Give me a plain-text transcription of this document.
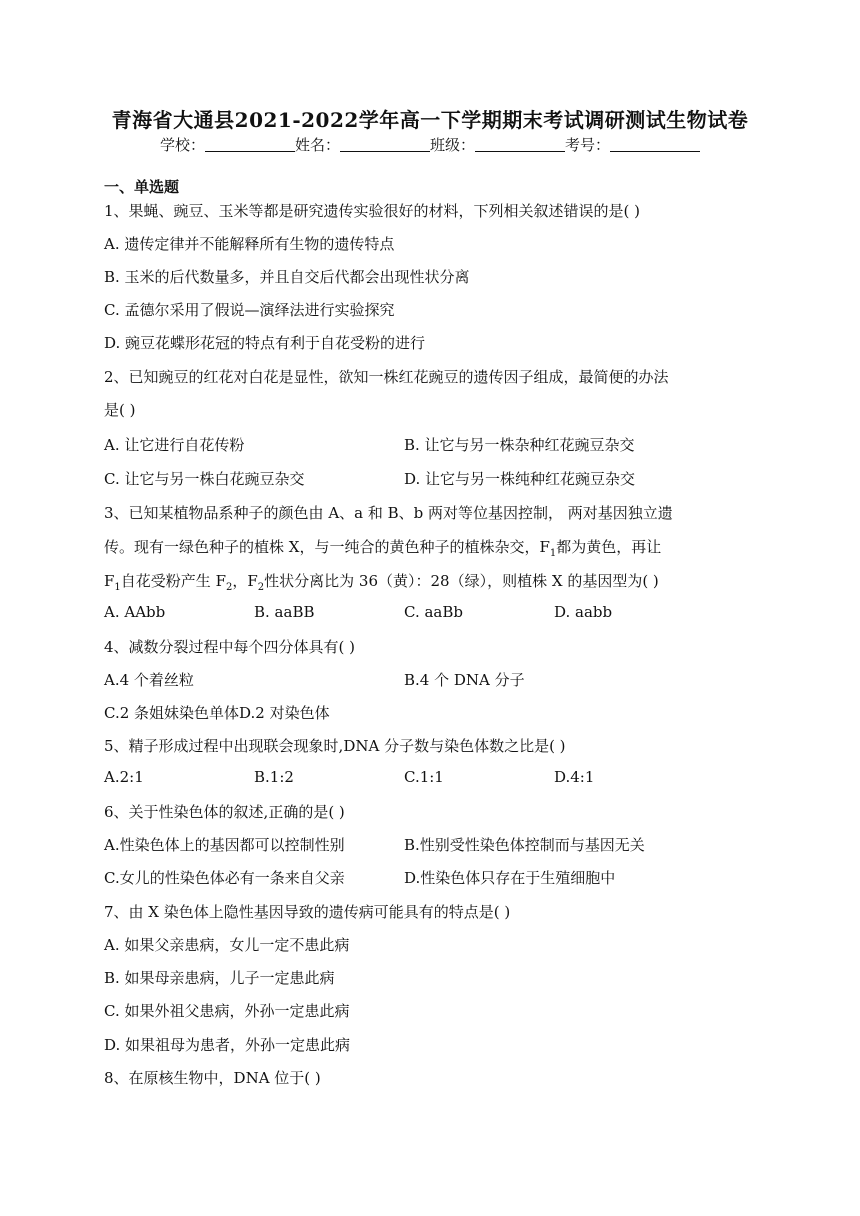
青海省大通县2021-2022学年高一下学期期末考试调研测试生物试卷
学校：	姓名：	班级：	考号：
一、单选题
1、果蝇、豌豆、玉米等都是研究遗传实验很好的材料，下列相关叙述错误的是( )
A. 遗传定律并不能解释所有生物的遗传特点
B. 玉米的后代数量多，并且自交后代都会出现性状分离
C. 孟德尔采用了假说—演绎法进行实验探究
D. 豌豆花蝶形花冠的特点有利于自花受粉的进行
2、已知豌豆的红花对白花是显性，欲知一株红花豌豆的遗传因子组成，最简便的办法
是( )
A. 让它进行自花传粉	B. 让它与另一株杂种红花豌豆杂交
C. 让它与另一株白花豌豆杂交	D. 让它与另一株纯种红花豌豆杂交
3、已知某植物品系种子的颜色由 A、a 和 B、b 两对等位基因控制， 两对基因独立遗
传。现有一绿色种子的植株 X，与一纯合的黄色种子的植株杂交，$F_1$都为黄色，再让
$F_1$自花受粉产生 $F_2$，$F_2$性状分离比为 36（黄）：28（绿），则植株 X 的基因型为( )
A. AAbb	B. aaBB	C. aaBb	D. aabb
4、减数分裂过程中每个四分体具有( )
A.4 个着丝粒	B.4 个 DNA 分子
C.2 条姐妹染色单体D.2 对染色体
5、精子形成过程中出现联会现象时,DNA 分子数与染色体数之比是( )
A.2:1	B.1:2	C.1:1	D.4:1
6、关于性染色体的叙述,正确的是( )
A.性染色体上的基因都可以控制性别	B.性别受性染色体控制而与基因无关
C.女儿的性染色体必有一条来自父亲	D.性染色体只存在于生殖细胞中
7、由 X 染色体上隐性基因导致的遗传病可能具有的特点是( )
A. 如果父亲患病，女儿一定不患此病
B. 如果母亲患病，儿子一定患此病
C. 如果外祖父患病，外孙一定患此病
D. 如果祖母为患者，外孙一定患此病
8、在原核生物中，DNA 位于( )
